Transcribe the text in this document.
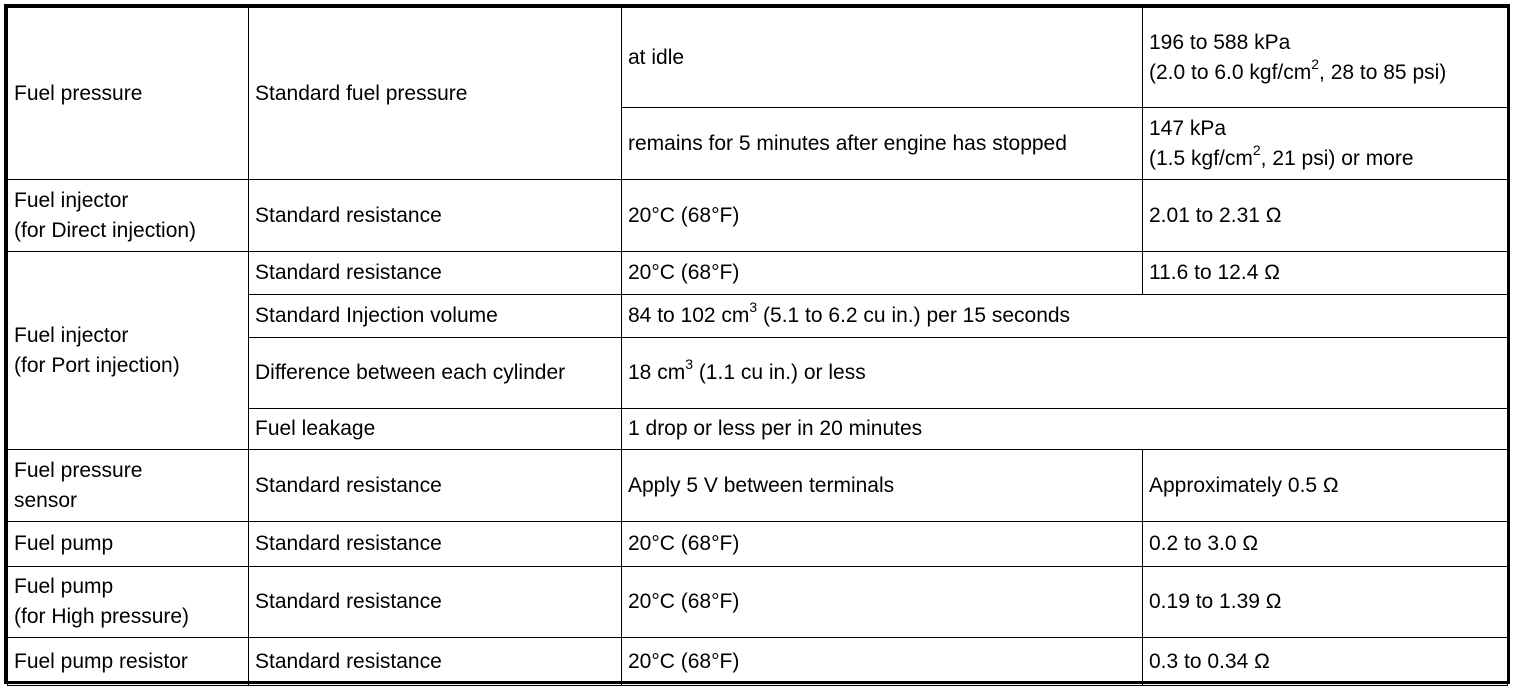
Fuel pressure	Standard fuel pressure	at idle	196 to 588 kPa
(2.0 to 6.0 kgf/$cm^2$, 28 to 85 psi)
		remains for 5 minutes after engine has stopped	147 kPa
(1.5 kgf/$cm^2$, 21 psi) or more
Fuel injector
(for Direct injection)	Standard resistance	20°C (68°F)	2.01 to 2.31 Ω
Fuel injector
(for Port injection)	Standard resistance	20°C (68°F)	11.6 to 12.4 Ω
	Standard Injection volume	84 to 102 $cm^3$ (5.1 to 6.2 cu in.) per 15 seconds	
	Difference between each cylinder	18 $cm^3$ (1.1 cu in.) or less	
	Fuel leakage	1 drop or less per in 20 minutes	
Fuel pressure
sensor	Standard resistance	Apply 5 V between terminals	Approximately 0.5 Ω
Fuel pump	Standard resistance	20°C (68°F)	0.2 to 3.0 Ω
Fuel pump
(for High pressure)	Standard resistance	20°C (68°F)	0.19 to 1.39 Ω
Fuel pump resistor	Standard resistance	20°C (68°F)	0.3 to 0.34 Ω
